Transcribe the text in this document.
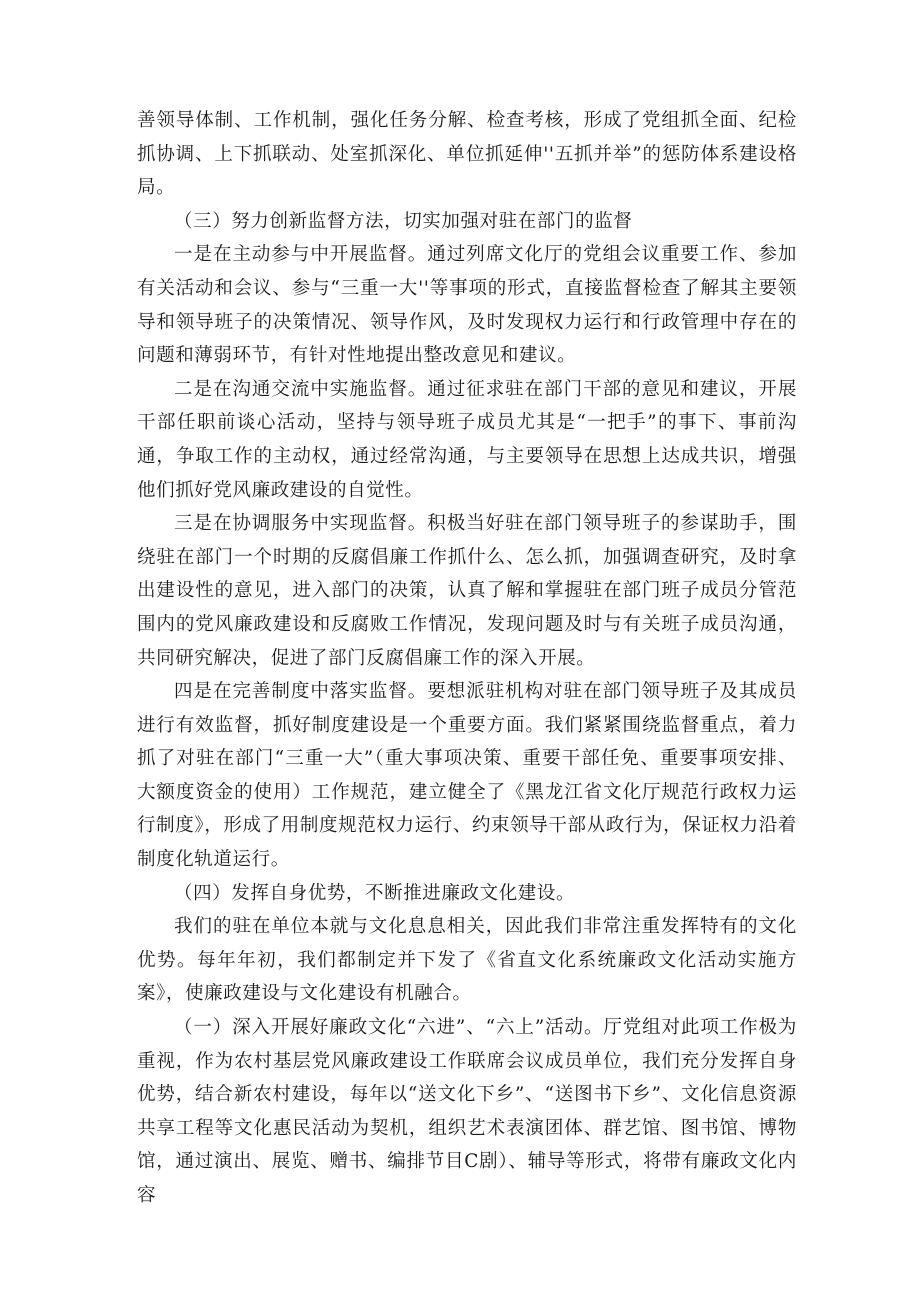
善领导体制、工作机制，强化任务分解、检查考核，形成了党组抓全面、纪检抓协调、上下抓联动、处室抓深化、单位抓延伸''五抓并举”的惩防体系建设格局。

（三）努力创新监督方法，切实加强对驻在部门的监督

一是在主动参与中开展监督。通过列席文化厅的党组会议重要工作、参加有关活动和会议、参与“三重一大''等事项的形式，直接监督检查了解其主要领导和领导班子的决策情况、领导作风，及时发现权力运行和行政管理中存在的问题和薄弱环节，有针对性地提出整改意见和建议。

二是在沟通交流中实施监督。通过征求驻在部门干部的意见和建议，开展干部任职前谈心活动，坚持与领导班子成员尤其是“一把手”的事下、事前沟通，争取工作的主动权，通过经常沟通，与主要领导在思想上达成共识，增强他们抓好党风廉政建设的自觉性。

三是在协调服务中实现监督。积极当好驻在部门领导班子的参谋助手，围绕驻在部门一个时期的反腐倡廉工作抓什么、怎么抓，加强调查研究，及时拿出建设性的意见，进入部门的决策，认真了解和掌握驻在部门班子成员分管范围内的党风廉政建设和反腐败工作情况，发现问题及时与有关班子成员沟通，共同研究解决，促进了部门反腐倡廉工作的深入开展。

四是在完善制度中落实监督。要想派驻机构对驻在部门领导班子及其成员进行有效监督，抓好制度建设是一个重要方面。我们紧紧围绕监督重点，着力抓了对驻在部门“三重一大”（重大事项决策、重要干部任免、重要事项安排、大额度资金的使用）工作规范，建立健全了《黑龙江省文化厅规范行政权力运行制度》，形成了用制度规范权力运行、约束领导干部从政行为，保证权力沿着制度化轨道运行。

（四）发挥自身优势，不断推进廉政文化建设。

我们的驻在单位本就与文化息息相关，因此我们非常注重发挥特有的文化优势。每年年初，我们都制定并下发了《省直文化系统廉政文化活动实施方案》，使廉政建设与文化建设有机融合。

（一）深入开展好廉政文化“六进”、“六上”活动。厅党组对此项工作极为重视，作为农村基层党风廉政建设工作联席会议成员单位，我们充分发挥自身优势，结合新农村建设，每年以“送文化下乡”、“送图书下乡”、文化信息资源共享工程等文化惠民活动为契机，组织艺术表演团体、群艺馆、图书馆、博物馆，通过演出、展览、赠书、编排节目C剧）、辅导等形式，将带有廉政文化内容
